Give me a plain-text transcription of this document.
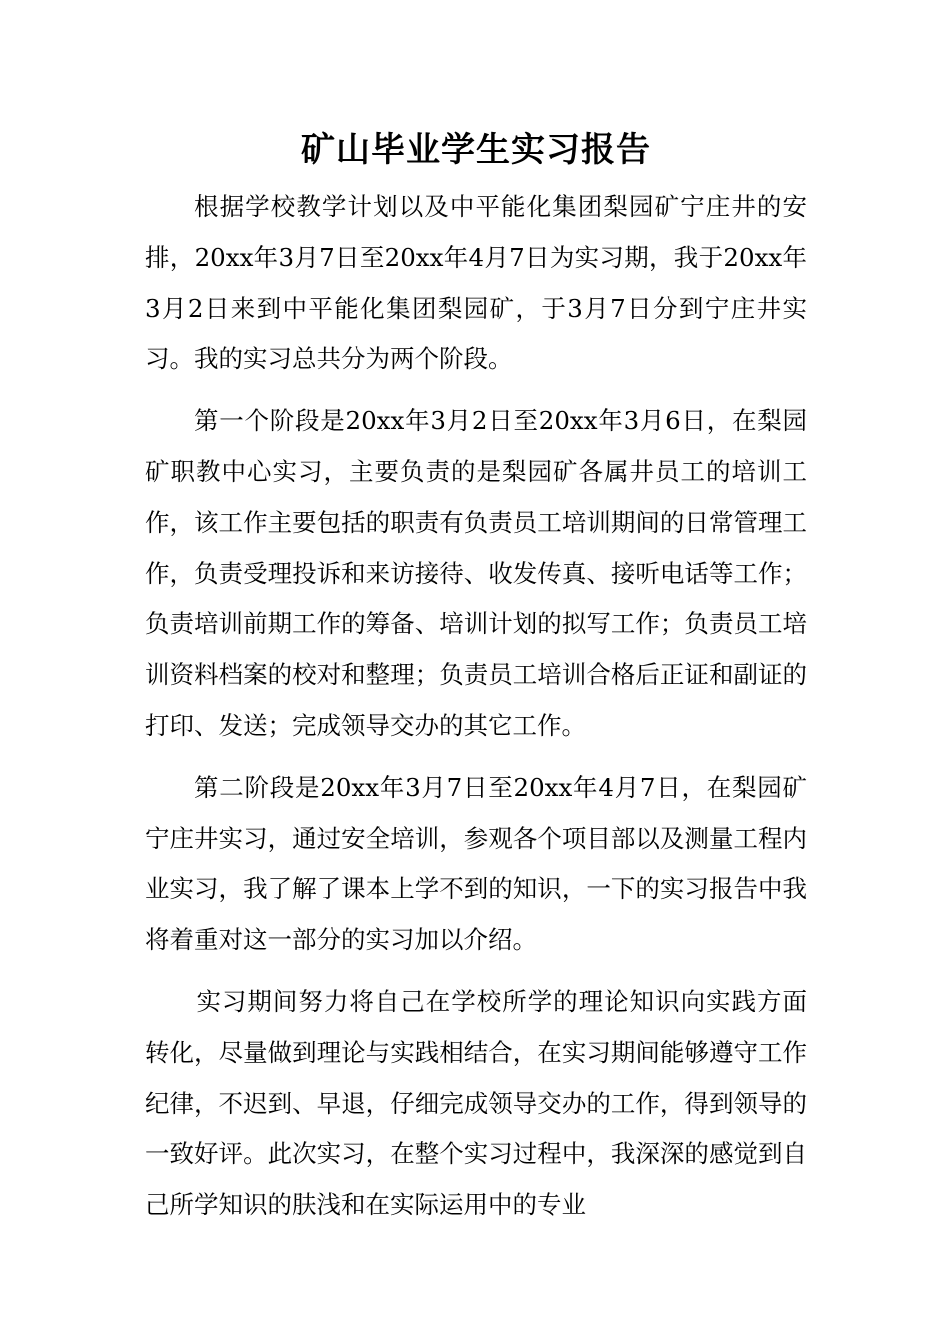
矿山毕业学生实习报告

根据学校教学计划以及中平能化集团梨园矿宁庄井的安排，20xx年3月7日至20xx年4月7日为实习期，我于20xx年3月2日来到中平能化集团梨园矿，于3月7日分到宁庄井实习。我的实习总共分为两个阶段。

第一个阶段是20xx年3月2日至20xx年3月6日，在梨园矿职教中心实习，主要负责的是梨园矿各属井员工的培训工作，该工作主要包括的职责有负责员工培训期间的日常管理工作，负责受理投诉和来访接待、收发传真、接听电话等工作；负责培训前期工作的筹备、培训计划的拟写工作；负责员工培训资料档案的校对和整理；负责员工培训合格后正证和副证的打印、发送；完成领导交办的其它工作。

第二阶段是20xx年3月7日至20xx年4月7日，在梨园矿宁庄井实习，通过安全培训，参观各个项目部以及测量工程内业实习，我了解了课本上学不到的知识，一下的实习报告中我将着重对这一部分的实习加以介绍。

实习期间努力将自己在学校所学的理论知识向实践方面转化，尽量做到理论与实践相结合，在实习期间能够遵守工作纪律，不迟到、早退，仔细完成领导交办的工作，得到领导的一致好评。此次实习，在整个实习过程中，我深深的感觉到自己所学知识的肤浅和在实际运用中的专业
